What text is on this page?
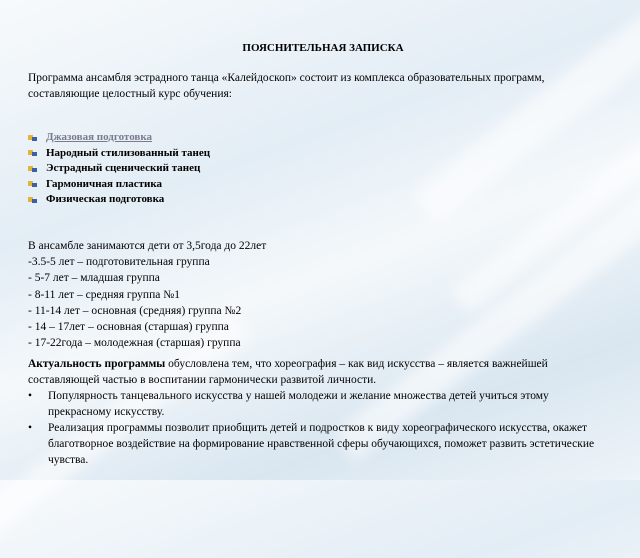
ПОЯСНИТЕЛЬНАЯ ЗАПИСКА
Программа ансамбля эстрадного танца «Калейдоскоп» состоит из комплекса образовательных программ, составляющие целостный курс обучения:
Джазовая подготовка
Народный стилизованный танец
Эстрадный сценический танец
Гармоничная пластика
Физическая подготовка
В ансамбле занимаются дети от 3,5года до 22лет
-3.5-5 лет – подготовительная группа
- 5-7 лет – младшая группа
- 8-11 лет – средняя группа №1
- 11-14 лет – основная (средняя) группа №2
- 14 – 17лет – основная (старшая) группа
- 17-22года – молодежная (старшая) группа
Актуальность программы обусловлена тем, что хореография – как вид искусства – является важнейшей составляющей частью в воспитании гармонически развитой личности.
•	Популярность танцевального искусства у нашей молодежи и желание множества детей учиться этому прекрасному искусству.
•	Реализация программы позволит приобщить детей и подростков к виду хореографического искусства, окажет благотворное воздействие на формирование нравственной сферы обучающихся, поможет развить эстетические чувства.
